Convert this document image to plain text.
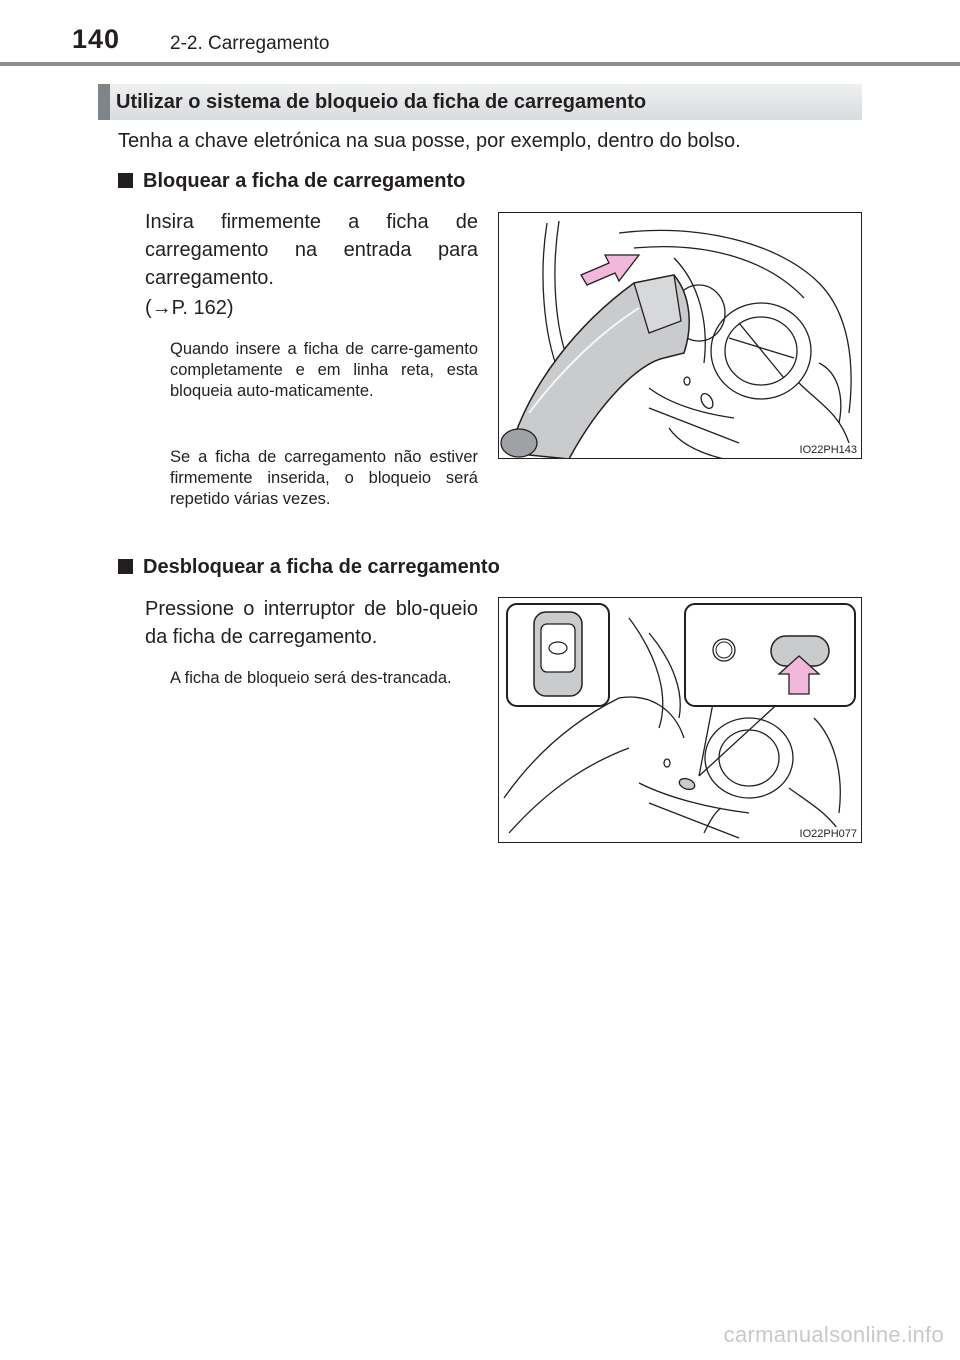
140	2-2. Carregamento
Utilizar o sistema de bloqueio da ficha de carregamento
Tenha a chave eletrónica na sua posse, por exemplo, dentro do bolso.
Bloquear a ficha de carregamento
Insira firmemente a ficha de carregamento na entrada para carregamento.
(→P. 162)
Quando insere a ficha de carre-gamento completamente e em linha reta, esta bloqueia auto-maticamente.
Se a ficha de carregamento não estiver firmemente inserida, o bloqueio será repetido várias vezes.
IO22PH143
Desbloquear a ficha de carregamento
Pressione o interruptor de blo-queio da ficha de carregamento.
A ficha de bloqueio será des-trancada.
IO22PH077
carmanualsonline.info
